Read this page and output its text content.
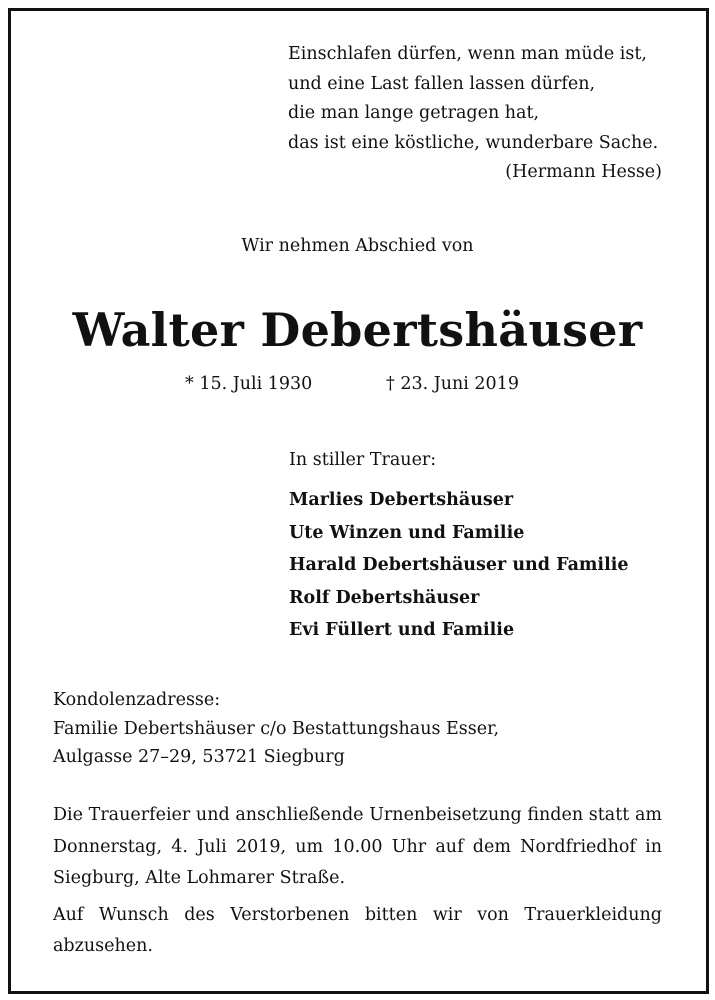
Einschlafen dürfen, wenn man müde ist,
und eine Last fallen lassen dürfen,
die man lange getragen hat,
das ist eine köstliche, wunderbare Sache.
(Hermann Hesse)
Wir nehmen Abschied von
Walter Debertshäuser
* 15. Juli 1930	† 23. Juni 2019
In stiller Trauer:
Marlies Debertshäuser
Ute Winzen und Familie
Harald Debertshäuser und Familie
Rolf Debertshäuser
Evi Füllert und Familie
Kondolenzadresse:
Familie Debertshäuser c/o Bestattungshaus Esser,
Aulgasse 27–29, 53721 Siegburg

Die Trauerfeier und anschließende Urnenbeisetzung finden statt am Donnerstag, 4. Juli 2019, um 10.00 Uhr auf dem Nordfriedhof in Siegburg, Alte Lohmarer Straße.

Auf Wunsch des Verstorbenen bitten wir von Trauerkleidung abzusehen.
